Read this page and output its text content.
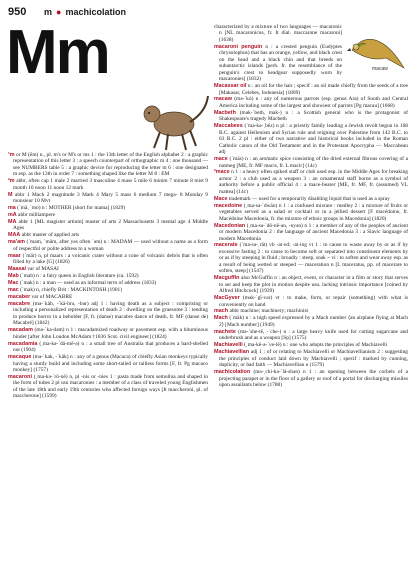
950 m ● machicolation
Mm	macaw
¹m or M (ĕm) n., pl. m's or M's or ms 1 : the 13th letter of the English alphabet 2 : a graphic representation of this letter 3 : a speech counterpart of orthographic m 4 : one thousand — see NUMBERS table 5 : a graphic device for reproducing the letter m 6 : one designated m esp. as the 13th in order 7 : something shaped like the letter M 8 : EM
²m abbr, often cap 1 male 2 married 3 masculine 4 mass 5 mile 6 minim 7 minute 8 mist 9 month 10 noon 11 noon 12 mark
M abbr 1 Mach 2 magnitude 3 Mark 4 Mary 5 mass 6 medium 7 mega- 8 Monday 9 monsieur 10 Mvt
ma (ˈmä, ˈmȯ) n : MOTHER [short for mama] (1829)
mA abbr milliampere
MA abbr 1 [ML magister artium] master of arts 2 Massachusetts 3 mental age 4 Middle Ages
MAA abbr master of applied arts
ma'am (ˈmam, ˈmäm, after yes often ˈəm) n : MADAM — used without a name as a form of respectful or polite address to a woman
maar (ˈmär) n, pl maars : a volcanic crater without a cone of volcanic debris that is often filled by a lake [G] (1826)
Maasai var of MASAI
Mab (ˈmab) n : a fairy queen in English literature (ca. 1592)
Mac (ˈmak) n : a man — used as an informal term of address (1833)
mac (ˈmak) n, chiefly Brit : MACKINTOSH (1901)
macaber var of MACABRE
macabre (mə-ˈkäb, -ˈkä-brə, -bər) adj 1 : having death as a subject : comprising or including a personalized representation of death 2 : dwelling on the gruesome 3 : tending to produce horror in a beholder [F, fr. (danse) macabre dance of death, fr. MF (danse de) Macabré] (1842)
macadam (mə-ˈka-dəm) n 1 : macadamized roadway or pavement esp. with a bituminous binder [after John Loudon McAdam †1836 Scot. civil engineer] (1824)
macadamia (ˌma-kə-ˈdā-mē-ə) n : a small tree of Australia that produces a hard-shelled nut (1904)
macaque (mə-ˈkak, -ˈkäk) n : any of a genus (Macaca) of chiefly Asian monkeys typically having a sturdy build and including some short-tailed or tailless forms [F, fr. Pg macaco monkey] (1757)
macaroni (ˌma-kə-ˈrō-nē) n, pl -nis or -nies 1 : pasta made from semolina and shaped in the form of tubes 2 pl usu macaronies : a member of a class of traveled young Englishmen of the late 18th and early 19th centuries who affected foreign ways [It maccheroni, pl. of maccherone] (1599)
characterized by a mixture of two languages — macaronic n [NL macaronicus, fr. It dial. maccarone macaroni] (1638)
macaroni penguin n : a crested penguin (Eudyptes chrysolophus) that has an orange, yellow, and black crest on the head and a black chin and that breeds on subantarctic islands [perh. fr. the resemblance of the penguin's crest to headgear supposedly worn by macaronies] (1832)
Macassar oil n : an oil for the hair ; specif : an oil made chiefly from the seeds of a tree [Makasar, Celebes, Indonesia] (1809)
macaw (mə-ˈkȯ) n : any of numerous parrots (esp. genus Ara) of South and Central America including some of the largest and showiest of parrots [Pg macau] (1668)
Macbeth (mək-ˈbeth, mak-) n : a Scottish general who is the protagonist of Shakespeare's tragedy Macbeth
Maccabees (ˈma-kə-ˌbēz) n pl : a priestly family leading a Jewish revolt begun in 168 B.C. against Hellenism and Syrian rule and reigning over Palestine from 142 B.C. to 63 B.C. 2 pl : either of two narrative and historical books included in the Roman Catholic canon of the Old Testament and in the Protestant Apocrypha — Maccabean adj
mace (ˈmās) n : an aromatic spice consisting of the dried external fibrous covering of a nutmeg [ME, fr. MF macis, fr. L macir] (14c)
²mace n 1 : a heavy often spiked staff or club used esp. in the Middle Ages for breaking armor 2 : a club used as a weapon 3 : an ornamental staff borne as a symbol of authority before a public official 4 : a mace-bearer [ME, fr. MF, fr. (assumed) VL mattea] (14c)
Mace trademark — used for a temporarily disabling liquid that is used as a spray
macedoine (ˌma-sə-ˈdwän) n 1 : a confused mixture : medley 2 : a mixture of fruits or vegetables served as a salad or cocktail or in a jellied dessert [F macédoine, fr. Macédoine Macedonia, fr. the mixture of ethnic groups in Macedonia] (1820)
Macedonian (ˌma-sə-ˈdō-nē-ən, -nyən) n 1 : a member of any of the peoples of ancient or modern Macedonia 2 : the language of ancient Macedonia 3 : a Slavic language of modern Macedonia
macerate (ˈma-sə-ˌrāt) vb -at·ed; -at·ing vt 1 : to cause to waste away by or as if by excessive fasting 2 : to cause to become soft or separated into constituent elements by or as if by steeping in fluid ; broadly : steep, soak ~ vi : to soften and wear away esp. as a result of being wetted or steeped — maceration n [L maceratus, pp. of macerare to soften, steep] (1547)
Macguffin also McGuffin n : an object, event, or character in a film or story that serves to set and keep the plot in motion despite usu. lacking intrinsic importance [coined by Alfred Hitchcock] (1939)
MacGyver (mək-ˈgī-vər) vt : to make, form, or repair (something) with what is conveniently on hand
mach abbr machine; machinery; machinist
Mach (ˈmäk) n : a high speed expressed by a Mach number ⟨an airplane flying at Mach 2⟩ [Mach number] (1949)
machete (mə-ˈshe-tē, -ˈche-) n : a large heavy knife used for cutting sugarcane and underbrush and as a weapon [Sp] (1575)
Machiavelli (ˌma-kē-ə-ˈve-lē) n : one who adopts the principles of Machiavelli
Machiavellian adj 1 : of or relating to Machiavelli or Machiavellianism 2 : suggesting the principles of conduct laid down by Machiavelli ; specif : marked by cunning, duplicity, or bad faith — Machiavellian n (1579)
machicolation (mə-ˌchi-kə-ˈlā-shən) n 1 : an opening between the corbels of a projecting parapet or in the floor of a gallery or roof of a portal for discharging missiles upon assailants below (1788)
